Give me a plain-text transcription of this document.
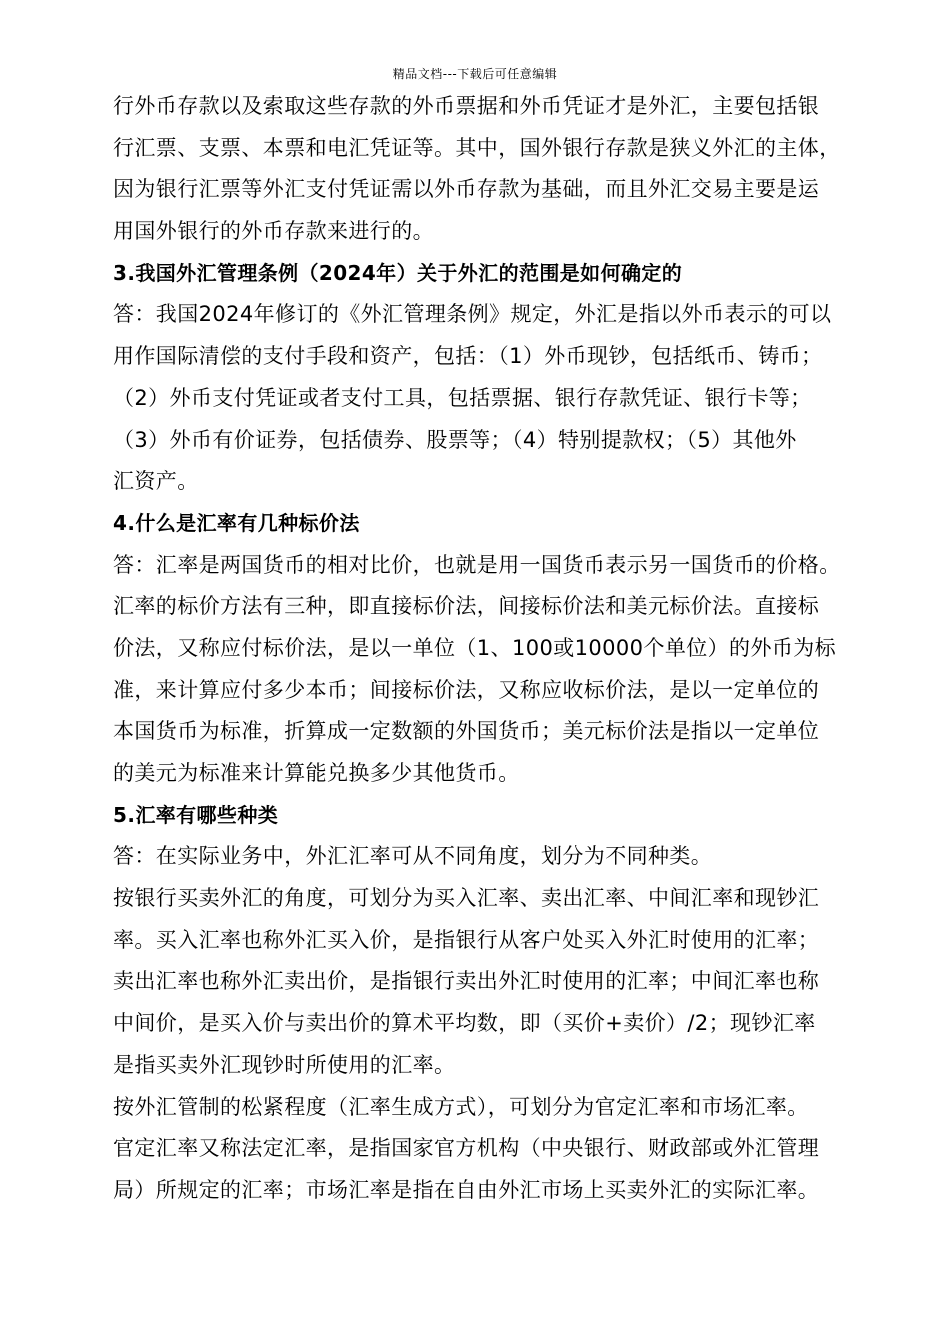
精品文档---下载后可任意编辑
行外币存款以及索取这些存款的外币票据和外币凭证才是外汇，主要包括银
行汇票、支票、本票和电汇凭证等。其中，国外银行存款是狭义外汇的主体，
因为银行汇票等外汇支付凭证需以外币存款为基础，而且外汇交易主要是运
用国外银行的外币存款来进行的。
3.我国外汇管理条例（2024年）关于外汇的范围是如何确定的
答：我国2024年修订的《外汇管理条例》规定，外汇是指以外币表示的可以
用作国际清偿的支付手段和资产，包括：（1）外币现钞，包括纸币、铸币；
（2）外币支付凭证或者支付工具，包括票据、银行存款凭证、银行卡等；
（3）外币有价证券，包括债券、股票等；（4）特别提款权；（5）其他外
汇资产。
4.什么是汇率有几种标价法
答：汇率是两国货币的相对比价，也就是用一国货币表示另一国货币的价格。
汇率的标价方法有三种，即直接标价法，间接标价法和美元标价法。直接标
价法，又称应付标价法，是以一单位（1、100或10000个单位）的外币为标
准，来计算应付多少本币；间接标价法，又称应收标价法，是以一定单位的
本国货币为标准，折算成一定数额的外国货币；美元标价法是指以一定单位
的美元为标准来计算能兑换多少其他货币。
5.汇率有哪些种类
答：在实际业务中，外汇汇率可从不同角度，划分为不同种类。
按银行买卖外汇的角度，可划分为买入汇率、卖出汇率、中间汇率和现钞汇
率。买入汇率也称外汇买入价，是指银行从客户处买入外汇时使用的汇率；
卖出汇率也称外汇卖出价，是指银行卖出外汇时使用的汇率；中间汇率也称
中间价，是买入价与卖出价的算术平均数，即（买价+卖价）/2；现钞汇率
是指买卖外汇现钞时所使用的汇率。
按外汇管制的松紧程度（汇率生成方式），可划分为官定汇率和市场汇率。
官定汇率又称法定汇率，是指国家官方机构（中央银行、财政部或外汇管理
局）所规定的汇率；市场汇率是指在自由外汇市场上买卖外汇的实际汇率。
